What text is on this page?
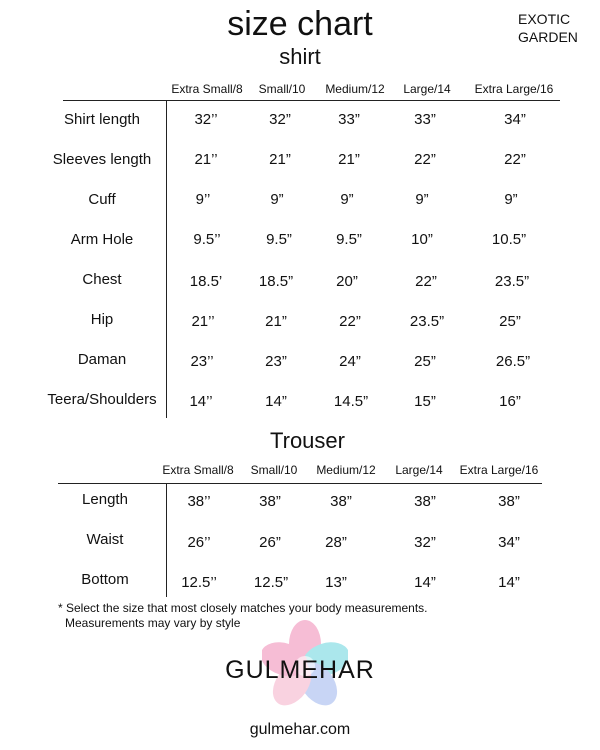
size chart
shirt
EXOTIC
GARDEN
Extra Small/8 Small/10 Medium/12 Large/14 Extra Large/16
Shirt length	32’’	32”	33”	33”	34”
Sleeves length	21’’	21”	21”	22”	22”
Cuff	9’’	9”	9”	9”	9”
Arm Hole	9.5’’	9.5”	9.5”	10”	10.5”
Chest	18.5’ 18.5”	20”	22”	23.5”
Hip	21’’	21”	22”	23.5”	25”
Daman	23’’	23”	24”	25”	26.5”
Teera/Shoulders 14’’	14”	14.5”	15”	16”
Trouser
Extra Small/8 Small/10 Medium/12 Large/14 Extra Large/16
Length	38’’	38”	38”	38”	38”
Waist	26’’	26”	28”	32”	34”
Bottom	12.5’’ 12.5” 13”	14”	14”
* Select the size that most closely matches your body measurements.
Measurements may vary by style
GULMEHAR
gulmehar.com
